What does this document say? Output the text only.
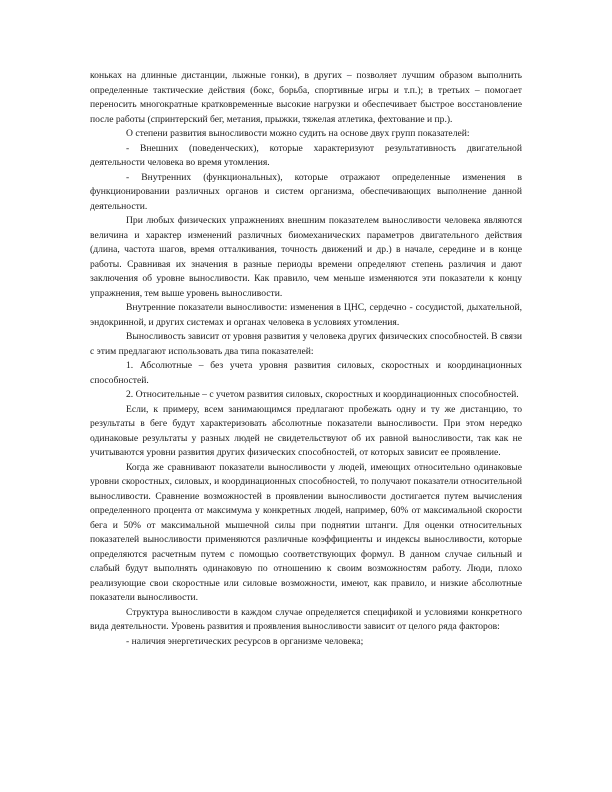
коньках на длинные дистанции, лыжные гонки), в других – позволяет лучшим образом выполнить определенные тактические действия (бокс, борьба, спортивные игры и т.п.); в третьих – помогает переносить многократные кратковременные высокие нагрузки и обеспечивает быстрое восстановление после работы (спринтерский бег, метания, прыжки, тяжелая атлетика, фехтование и пр.).

О степени развития выносливости можно судить на основе двух групп показателей:

- Внешних (поведенческих), которые характеризуют результативность двигательной деятельности человека во время утомления.

- Внутренних (функциональных), которые отражают определенные изменения в функционировании различных органов и систем организма, обеспечивающих выполнение данной деятельности.

При любых физических упражнениях внешним показателем выносливости человека являются величина и характер изменений различных биомеханических параметров двигательного действия (длина, частота шагов, время отталкивания, точность движений и др.) в начале, середине и в конце работы. Сравнивая их значения в разные периоды времени определяют степень различия и дают заключения об уровне выносливости. Как правило, чем меньше изменяются эти показатели к концу упражнения, тем выше уровень выносливости.

Внутренние показатели выносливости: изменения в ЦНС, сердечно - сосудистой, дыхательной, эндокринной, и других системах и органах человека в условиях утомления.

Выносливость зависит от уровня развития у человека других физических способностей. В связи с этим предлагают использовать два типа показателей:

1. Абсолютные – без учета уровня развития силовых, скоростных и координационных способностей.

2. Относительные – с учетом развития силовых, скоростных и координационных способностей.

Если, к примеру, всем занимающимся предлагают пробежать одну и ту же дистанцию, то результаты в беге будут характеризовать абсолютные показатели выносливости. При этом нередко одинаковые результаты у разных людей не свидетельствуют об их равной выносливости, так как не учитываются уровни развития других физических способностей, от которых зависит ее проявление.

Когда же сравнивают показатели выносливости у людей, имеющих относительно одинаковые уровни скоростных, силовых, и координационных способностей, то получают показатели относительной выносливости. Сравнение возможностей в проявлении выносливости достигается путем вычисления определенного процента от максимума у конкретных людей, например, 60% от максимальной скорости бега и 50% от максимальной мышечной силы при поднятии штанги. Для оценки относительных показателей выносливости применяются различные коэффициенты и индексы выносливости, которые определяются расчетным путем с помощью соответствующих формул. В данном случае сильный и слабый будут выполнять одинаковую по отношению к своим возможностям работу. Люди, плохо реализующие свои скоростные или силовые возможности, имеют, как правило, и низкие абсолютные показатели выносливости.

Структура выносливости в каждом случае определяется спецификой и условиями конкретного вида деятельности. Уровень развития и проявления выносливости зависит от целого ряда факторов:

- наличия энергетических ресурсов в организме человека;
